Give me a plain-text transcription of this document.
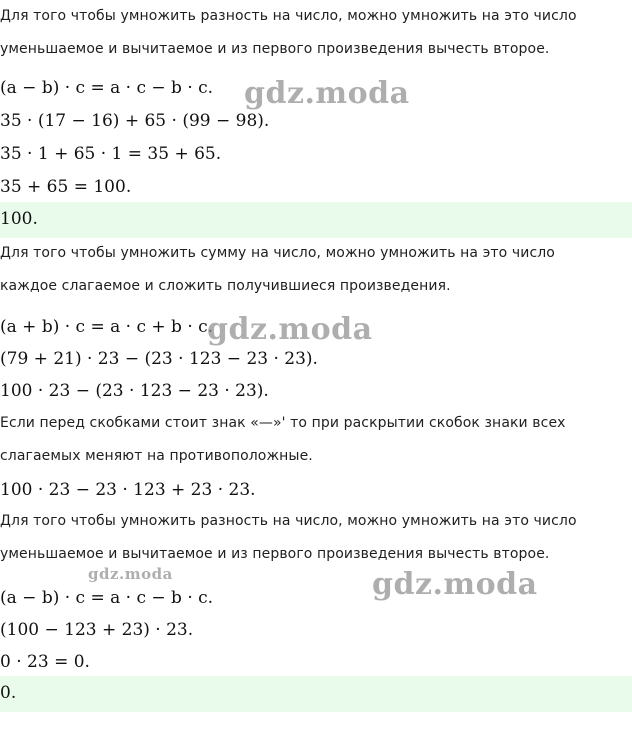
Для того чтобы умножить разность на число, можно умножить на это число
уменьшаемое и вычитаемое и из первого произведения вычесть второе.
(a − b) · c = a · c − b · c.
35 · (17 − 16) + 65 · (99 − 98).
35 · 1 + 65 · 1 = 35 + 65.
35 + 65 = 100.
100.
Для того чтобы умножить сумму на число, можно умножить на это число
каждое слагаемое и сложить получившиеся произведения.
(a + b) · c = a · c + b · c.
(79 + 21) · 23 − (23 · 123 − 23 · 23).
100 · 23 − (23 · 123 − 23 · 23).
Если перед скобками стоит знак «—»' то при раскрытии скобок знаки всех
слагаемых меняют на противоположные.
100 · 23 − 23 · 123 + 23 · 23.
Для того чтобы умножить разность на число, можно умножить на это число
уменьшаемое и вычитаемое и из первого произведения вычесть второе.
(a − b) · c = a · c − b · c.
(100 − 123 + 23) · 23.
0 · 23 = 0.
0.
gdz.moda
gdz.moda
gdz.moda	gdz.moda
